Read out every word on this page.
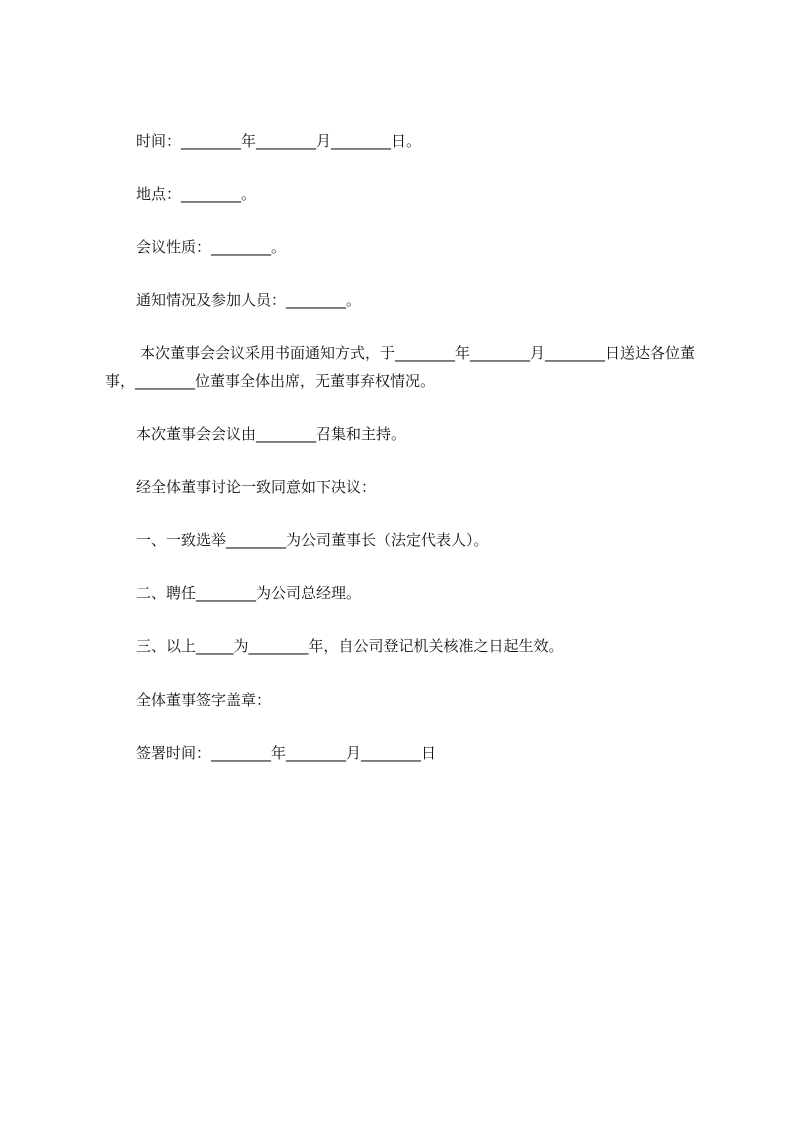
时间：________年________月________日。
地点：________。
会议性质：________。
通知情况及参加人员：________。
本次董事会会议采用书面通知方式，于________年________月________日送达各位董事，________位董事全体出席，无董事弃权情况。
本次董事会会议由________召集和主持。
经全体董事讨论一致同意如下决议：
一、一致选举________为公司董事长（法定代表人）。
二、聘任________为公司总经理。
三、以上_____为________年，自公司登记机关核准之日起生效。
全体董事签字盖章：
签署时间：________年________月________日
